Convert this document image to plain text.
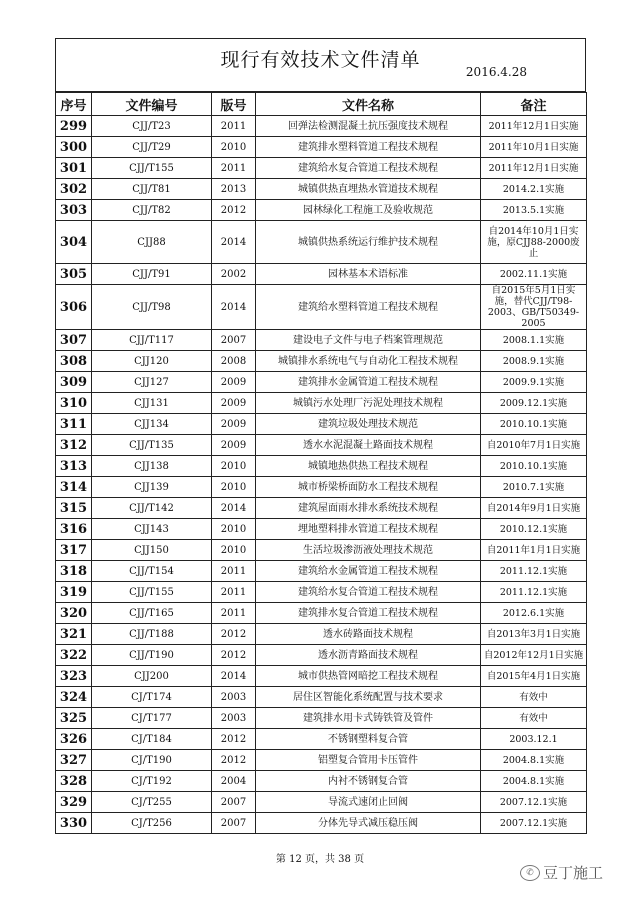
现行有效技术文件清单
2016.4.28
序号	文件编号	版号	文件名称	备注
299	CJJ/T23	2011	回弹法检测混凝土抗压强度技术规程	2011年12月1日实施
300	CJJ/T29	2010	建筑排水塑料管道工程技术规程	2011年10月1日实施
301	CJJ/T155	2011	建筑给水复合管道工程技术规程	2011年12月1日实施
302	CJJ/T81	2013	城镇供热直埋热水管道技术规程	2014.2.1实施
303	CJJ/T82	2012	园林绿化工程施工及验收规范	2013.5.1实施
304	CJJ88	2014	城镇供热系统运行维护技术规程	自2014年10月1日实施，原CJJ88-2000废止
305	CJJ/T91	2002	园林基本术语标准	2002.11.1实施
306	CJJ/T98	2014	建筑给水塑料管道工程技术规程	自2015年5月1日实施，替代CJJ/T98-2003、GB/T50349-2005
307	CJJ/T117	2007	建设电子文件与电子档案管理规范	2008.1.1实施
308	CJJ120	2008	城镇排水系统电气与自动化工程技术规程	2008.9.1实施
309	CJJ127	2009	建筑排水金属管道工程技术规程	2009.9.1实施
310	CJJ131	2009	城镇污水处理厂污泥处理技术规程	2009.12.1实施
311	CJJ134	2009	建筑垃圾处理技术规范	2010.10.1实施
312	CJJ/T135	2009	透水水泥混凝土路面技术规程	自2010年7月1日实施
313	CJJ138	2010	城镇地热供热工程技术规程	2010.10.1实施
314	CJJ139	2010	城市桥梁桥面防水工程技术规程	2010.7.1实施
315	CJJ/T142	2014	建筑屋面雨水排水系统技术规程	自2014年9月1日实施
316	CJJ143	2010	埋地塑料排水管道工程技术规程	2010.12.1实施
317	CJJ150	2010	生活垃圾渗沥液处理技术规范	自2011年1月1日实施
318	CJJ/T154	2011	建筑给水金属管道工程技术规程	2011.12.1实施
319	CJJ/T155	2011	建筑给水复合管道工程技术规程	2011.12.1实施
320	CJJ/T165	2011	建筑排水复合管道工程技术规程	2012.6.1实施
321	CJJ/T188	2012	透水砖路面技术规程	自2013年3月1日实施
322	CJJ/T190	2012	透水沥青路面技术规程	自2012年12月1日实施
323	CJJ200	2014	城市供热管网暗挖工程技术规程	自2015年4月1日实施
324	CJ/T174	2003	居住区智能化系统配置与技术要求	有效中
325	CJ/T177	2003	建筑排水用卡式铸铁管及管件	有效中
326	CJ/T184	2012	不锈钢塑料复合管	2003.12.1
327	CJ/T190	2012	铝塑复合管用卡压管件	2004.8.1实施
328	CJ/T192	2004	内衬不锈钢复合管	2004.8.1实施
329	CJ/T255	2007	导流式速闭止回阀	2007.12.1实施
330	CJ/T256	2007	分体先导式减压稳压阀	2007.12.1实施
第 12 页，共 38 页
✆ 豆丁施工
